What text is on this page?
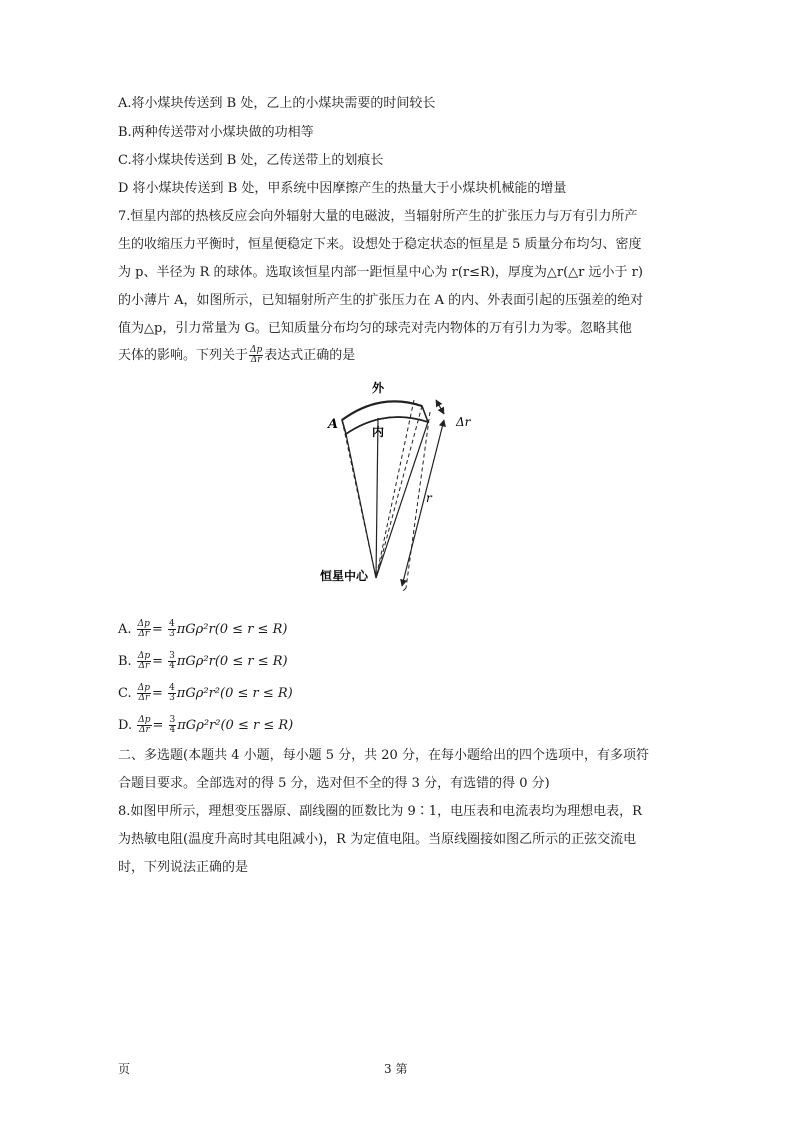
A.将小煤块传送到 B 处，乙上的小煤块需要的时间较长
B.两种传送带对小煤块做的功相等
C.将小煤块传送到 B 处，乙传送带上的划痕长
D 将小煤块传送到 B 处，甲系统中因摩擦产生的热量大于小煤块机械能的增量
7.恒星内部的热核反应会向外辐射大量的电磁波，当辐射所产生的扩张压力与万有引力所产
生的收缩压力平衡时，恒星便稳定下来。设想处于稳定状态的恒星是 5 质量分布均匀、密度
为 p、半径为 R 的球体。选取该恒星内部一距恒星中心为 r(r≤R)，厚度为△r(△r 远小于 r)
的小薄片 A，如图所示，已知辐射所产生的扩张压力在 A 的内、外表面引起的压强差的绝对
值为△p，引力常量为 G。已知质量分布均匀的球壳对壳内物体的万有引力为零。忽略其他
天体的影响。下列关于 $\frac{\Delta p}{\Delta r}$ 表达式正确的是
外
内
A	Δr
r
恒星中心
A. $\frac{\Delta p}{\Delta r} = \frac{4}{3} \pi G\rho^2r(0 \le r \le R)$
B. $\frac{\Delta p}{\Delta r} = \frac{3}{4} \pi G\rho^2r(0 \le r \le R)$
C. $\frac{\Delta p}{\Delta r} = \frac{4}{3} \pi G\rho^2r^2(0 \le r \le R)$
D. $\frac{\Delta p}{\Delta r} = \frac{3}{4} \pi G\rho^2r^2(0 \le r \le R)$
二、多选题(本题共 4 小题，每小题 5 分，共 20 分，在每小题给出的四个选项中，有多项符
合题目要求。全部选对的得 5 分，选对但不全的得 3 分，有选错的得 0 分)
8.如图甲所示，理想变压器原、副线圈的匝数比为 9∶1，电压表和电流表均为理想电表，R
为热敏电阻(温度升高时其电阻减小)，R 为定值电阻。当原线圈接如图乙所示的正弦交流电
时，下列说法正确的是
页	3 第
